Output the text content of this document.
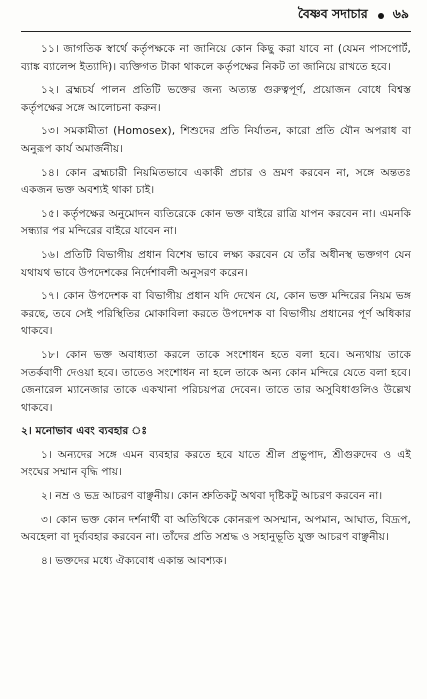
বৈষ্ণব সদাচার ৬৯

১১। জাগতিক স্বার্থে কর্তৃপক্ষকে না জানিয়ে কোন কিছু করা যাবে না (যেমন পাসপোর্ট, ব্যাঙ্ক ব্যালেন্স ইত্যাদি)। ব্যক্তিগত টাকা থাকলে কর্তৃপক্ষের নিকট তা জানিয়ে রাখতে হবে।

১২। ব্রহ্মচর্য পালন প্রতিটি ভক্তের জন্য অত্যন্ত গুরুত্বপূর্ণ, প্রয়োজন বোধে বিশ্বস্ত কর্তৃপক্ষের সঙ্গে আলোচনা করুন।

১৩। সমকামীতা (Homosex), শিশুদের প্রতি নির্যাতন, কারো প্রতি যৌন অপরাধ বা অনুরূপ কার্য অমার্জনীয়।

১৪। কোন ব্রহ্মচারী নিয়মিতভাবে একাকী প্রচার ও ভ্রমণ করবেন না, সঙ্গে অন্ততঃ একজন ভক্ত অবশ্যই থাকা চাই।

১৫। কর্তৃপক্ষের অনুমোদন ব্যতিরেকে কোন ভক্ত বাইরে রাত্রি যাপন করবেন না। এমনকি সন্ধ্যার পর মন্দিরের বাইরে যাবেন না।

১৬। প্রতিটি বিভাগীয় প্রধান বিশেষ ভাবে লক্ষ্য করবেন যে তাঁর অধীনস্থ ভক্তগণ যেন যথাযথ ভাবে উপদেশকের নির্দেশাবলী অনুসরণ করেন।

১৭। কোন উপদেশক বা বিভাগীয় প্রধান যদি দেখেন যে, কোন ভক্ত মন্দিরের নিয়ম ভঙ্গ করছে, তবে সেই পরিস্থিতির মোকাবিলা করতে উপদেশক বা বিভাগীয় প্রধানের পূর্ণ অধিকার থাকবে।

১৮। কোন ভক্ত অবাধ্যতা করলে তাকে সংশোধন হতে বলা হবে। অন্যথায় তাকে সতর্কবাণী দেওয়া হবে। তাতেও সংশোধন না হলে তাকে অন্য কোন মন্দিরে যেতে বলা হবে। জেনারেল ম্যানেজার তাকে একখানা পরিচয়পত্র দেবেন। তাতে তার অসুবিধাগুলিও উল্লেখ থাকবে।

২। মনোভাব এবং ব্যবহার ঃ

১। অন্যদের সঙ্গে এমন ব্যবহার করতে হবে যাতে শ্রীল প্রভুপাদ, শ্রীগুরুদেব ও এই সংঘের সম্মান বৃদ্ধি পায়।

২। নম্র ও ভদ্র আচরণ বাঞ্ছনীয়। কোন শ্রুতিকটু অথবা দৃষ্টিকটু আচরণ করবেন না।

৩। কোন ভক্ত কোন দর্শনার্থী বা অতিথিকে কোনরূপ অসম্মান, অপমান, আঘাত, বিদ্রূপ, অবহেলা বা দুর্ব্যবহার করবেন না। তাঁদের প্রতি সশ্রদ্ধ ও সহানুভূতি যুক্ত আচরণ বাঞ্ছনীয়।

৪। ভক্তদের মধ্যে ঐক্যবোধ একান্ত আবশ্যক।
